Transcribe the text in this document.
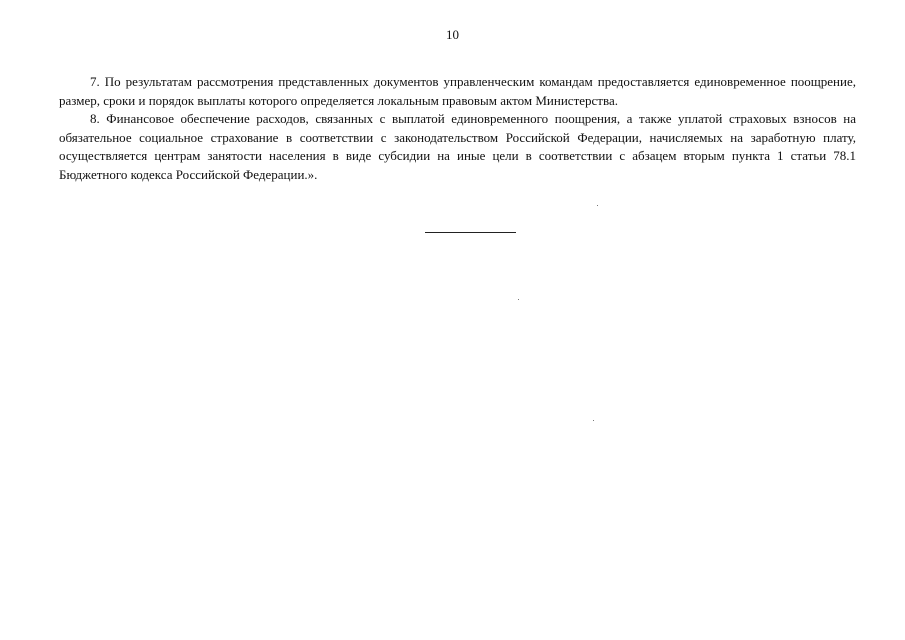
10

7. По результатам рассмотрения представленных документов управленческим командам предоставляется единовременное поощрение, размер, сроки и порядок выплаты которого определяется локальным правовым актом Министерства.

8. Финансовое обеспечение расходов, связанных с выплатой единовременного поощрения, а также уплатой страховых взносов на обязательное социальное страхование в соответствии с законодательством Российской Федерации, начисляемых на заработную плату, осуществляется центрам занятости населения в виде субсидии на иные цели в соответствии с абзацем вторым пункта 1 статьи 78.1 Бюджетного кодекса Российской Федерации.».
